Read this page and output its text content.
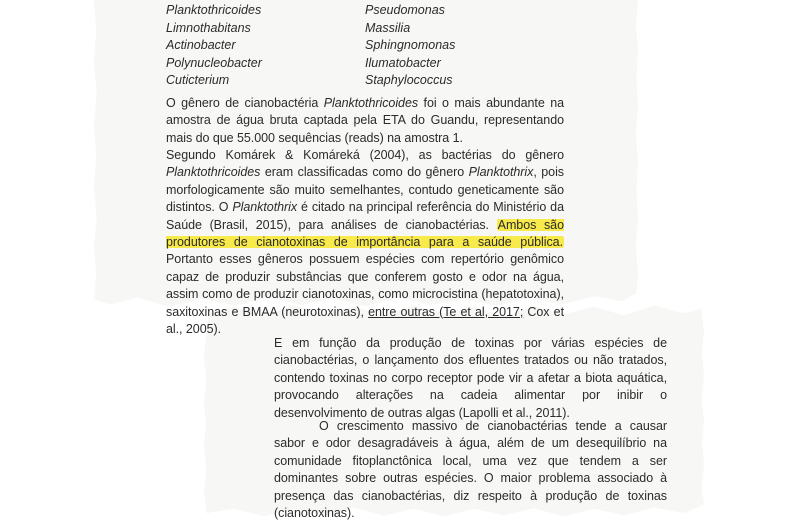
Planktothricoides
Limnothabitans
Actinobacter
Polynucleobacter
Cuticterium
Pseudomonas
Massilia
Sphingnomonas
Ilumatobacter
Staphylococcus

O gênero de cianobactéria Planktothricoides foi o mais abundante na amostra de água bruta captada pela ETA do Guandu, representando mais do que 55.000 sequências (reads) na amostra 1.

Segundo Komárek & Komáreká (2004), as bactérias do gênero Planktothricoides eram classificadas como do gênero Planktothrix, pois morfologicamente são muito semelhantes, contudo geneticamente são distintos. O Planktothrix é citado na principal referência do Ministério da Saúde (Brasil, 2015), para análises de cianobactérias. Ambos são produtores de cianotoxinas de importância para a saúde pública. Portanto esses gêneros possuem espécies com repertório genômico capaz de produzir substâncias que conferem gosto e odor na água, assim como de produzir cianotoxinas, como microcistina (hepatotoxina), saxitoxinas e BMAA (neurotoxinas), entre outras (Te et al, 2017; Cox et al., 2005).

E em função da produção de toxinas por várias espécies de cianobactérias, o lançamento dos efluentes tratados ou não tratados, contendo toxinas no corpo receptor pode vir a afetar a biota aquática, provocando alterações na cadeia alimentar por inibir o desenvolvimento de outras algas (Lapolli et al., 2011).

O crescimento massivo de cianobactérias tende a causar sabor e odor desagradáveis à água, além de um desequilíbrio na comunidade fitoplanctônica local, uma vez que tendem a ser dominantes sobre outras espécies. O maior problema associado à presença das cianobactérias, diz respeito à produção de toxinas (cianotoxinas).
